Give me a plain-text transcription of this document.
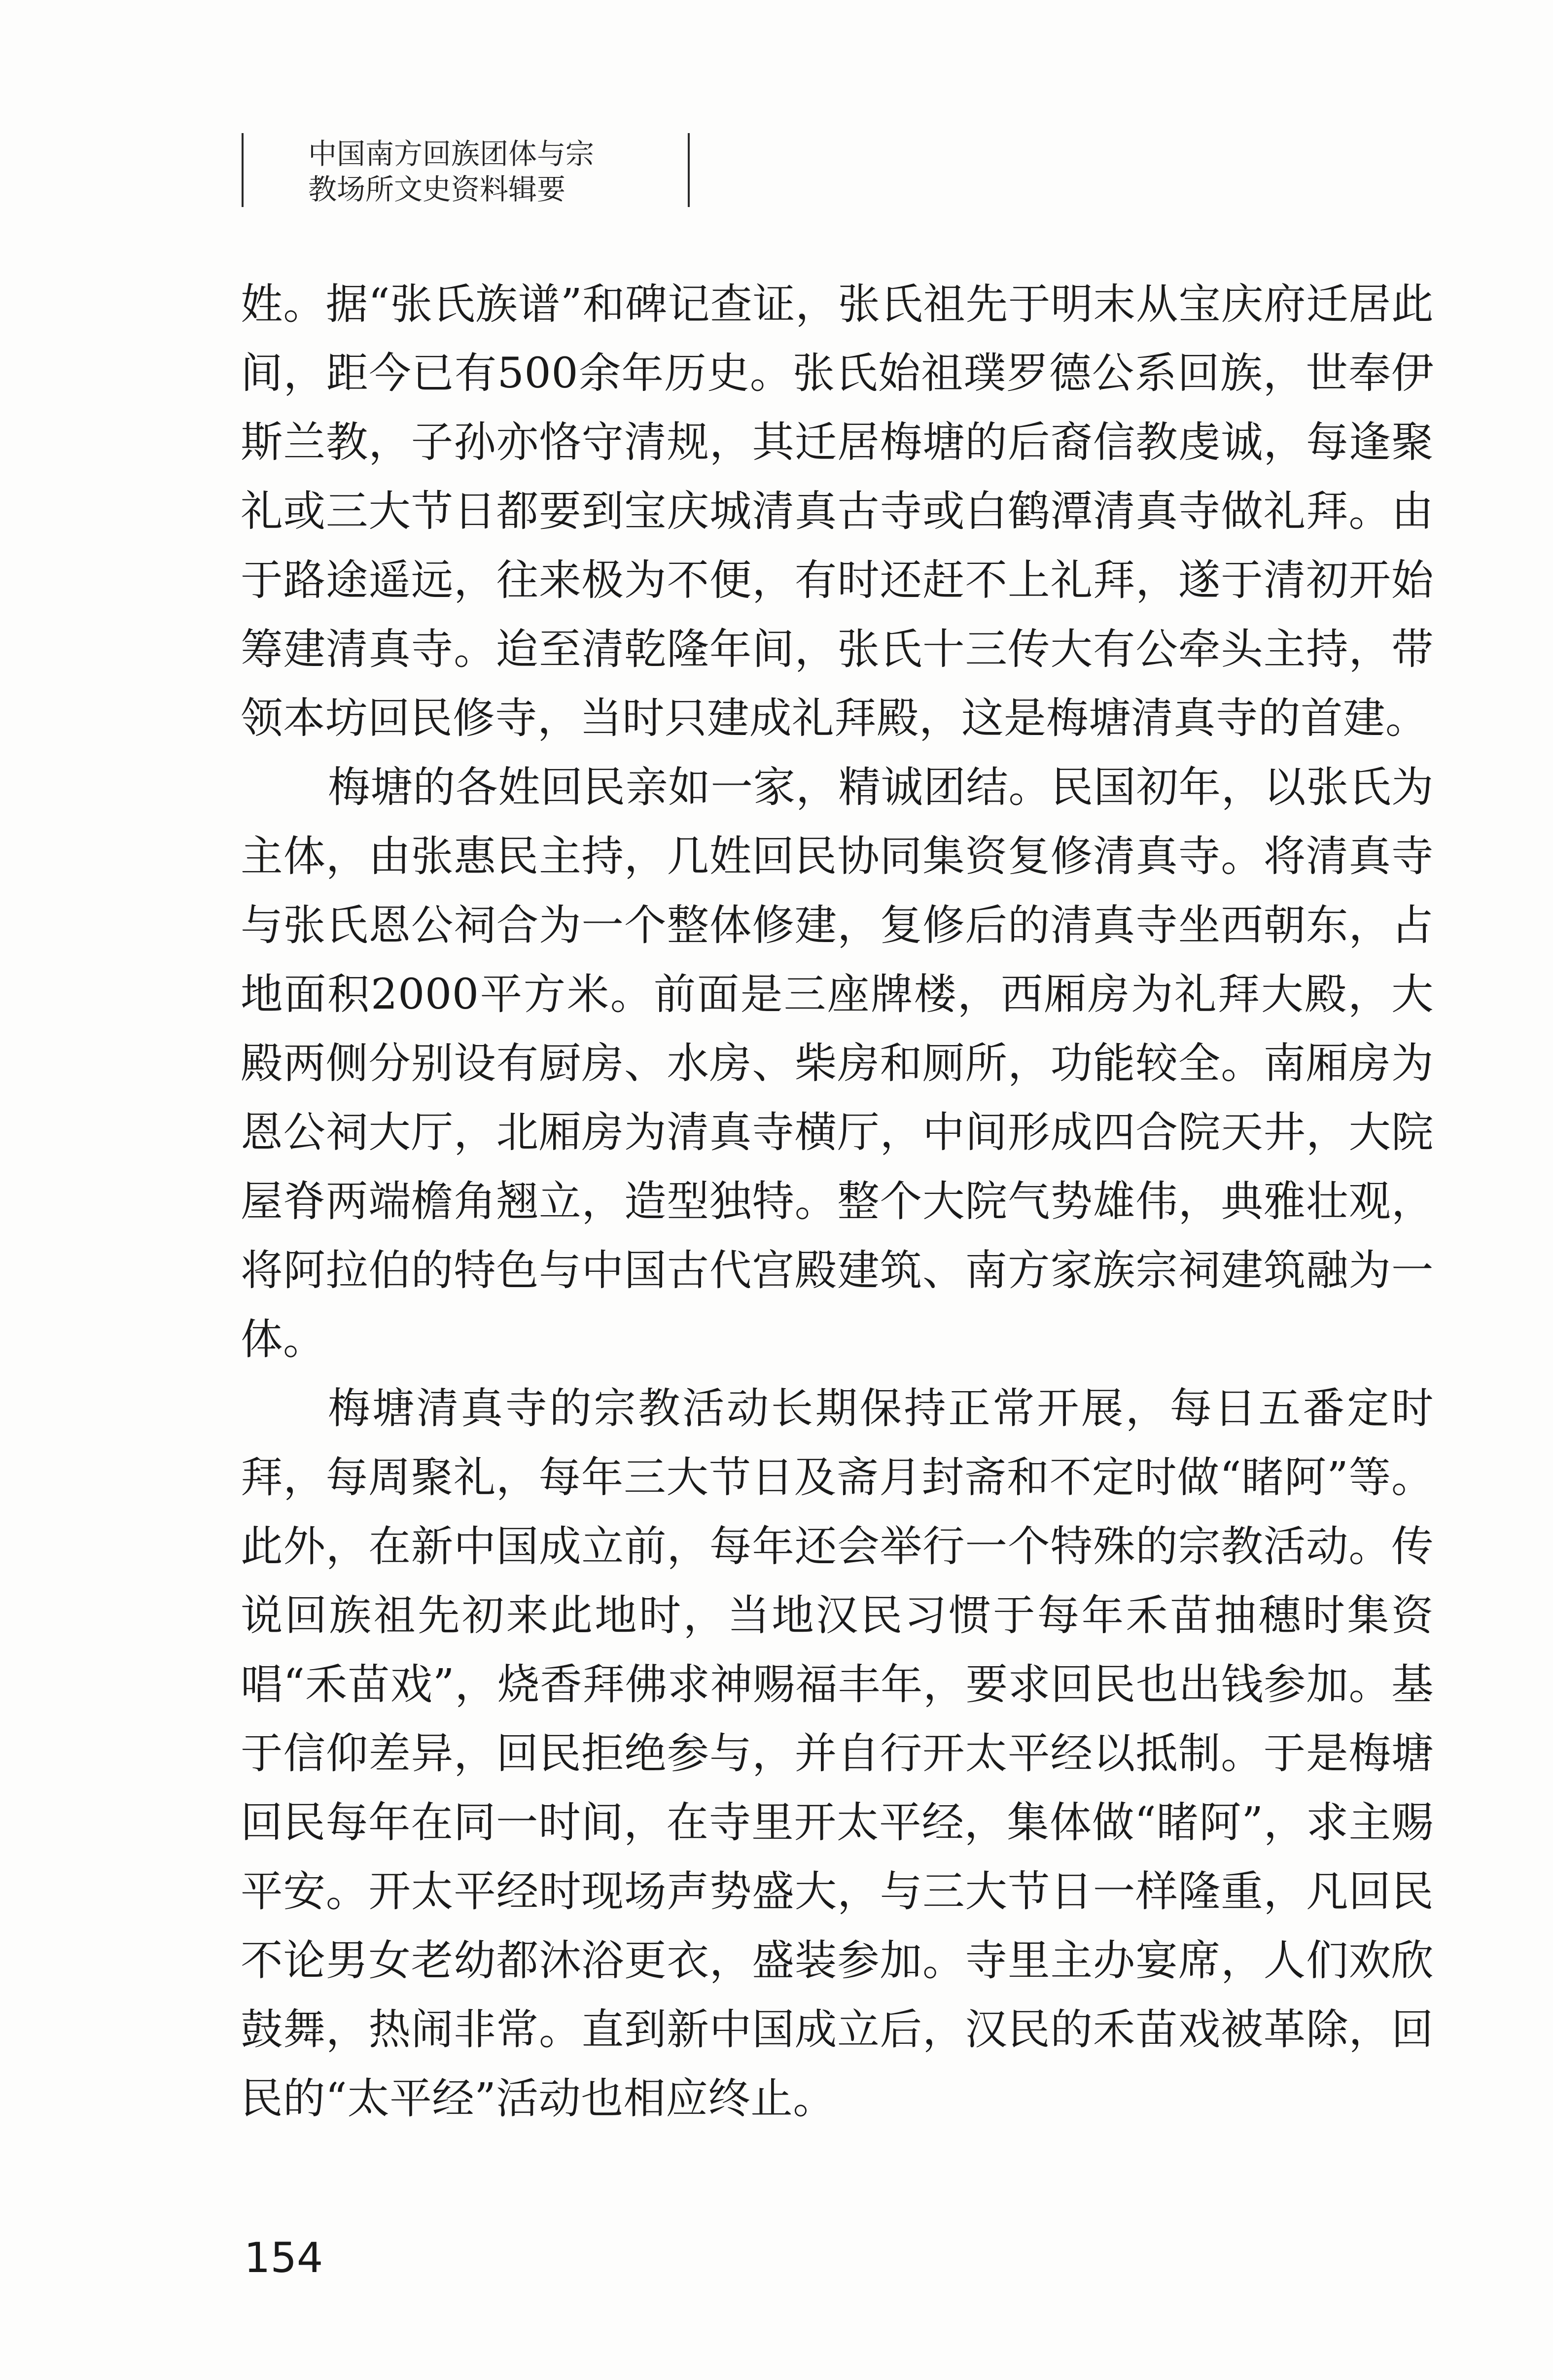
中国南方回族团体与宗
教场所文史资料辑要

姓。据“张氏族谱”和碑记查证，张氏祖先于明末从宝庆府迁居此间，距今已有500余年历史。张氏始祖璞罗德公系回族，世奉伊斯兰教，子孙亦恪守清规，其迁居梅塘的后裔信教虔诚，每逢聚礼或三大节日都要到宝庆城清真古寺或白鹤潭清真寺做礼拜。由于路途遥远，往来极为不便，有时还赶不上礼拜，遂于清初开始筹建清真寺。迨至清乾隆年间，张氏十三传大有公牵头主持，带领本坊回民修寺，当时只建成礼拜殿，这是梅塘清真寺的首建。

梅塘的各姓回民亲如一家，精诚团结。民国初年，以张氏为主体，由张惠民主持，几姓回民协同集资复修清真寺。将清真寺与张氏恩公祠合为一个整体修建，复修后的清真寺坐西朝东，占地面积2000平方米。前面是三座牌楼，西厢房为礼拜大殿，大殿两侧分别设有厨房、水房、柴房和厕所，功能较全。南厢房为恩公祠大厅，北厢房为清真寺横厅，中间形成四合院天井，大院屋脊两端檐角翘立，造型独特。整个大院气势雄伟，典雅壮观，将阿拉伯的特色与中国古代宫殿建筑、南方家族宗祠建筑融为一体。

梅塘清真寺的宗教活动长期保持正常开展，每日五番定时拜，每周聚礼，每年三大节日及斋月封斋和不定时做“睹阿”等。此外，在新中国成立前，每年还会举行一个特殊的宗教活动。传说回族祖先初来此地时，当地汉民习惯于每年禾苗抽穗时集资唱“禾苗戏”，烧香拜佛求神赐福丰年，要求回民也出钱参加。基于信仰差异，回民拒绝参与，并自行开太平经以抵制。于是梅塘回民每年在同一时间，在寺里开太平经，集体做“睹阿”，求主赐平安。开太平经时现场声势盛大，与三大节日一样隆重，凡回民不论男女老幼都沐浴更衣，盛装参加。寺里主办宴席，人们欢欣鼓舞，热闹非常。直到新中国成立后，汉民的禾苗戏被革除，回民的“太平经”活动也相应终止。

154
